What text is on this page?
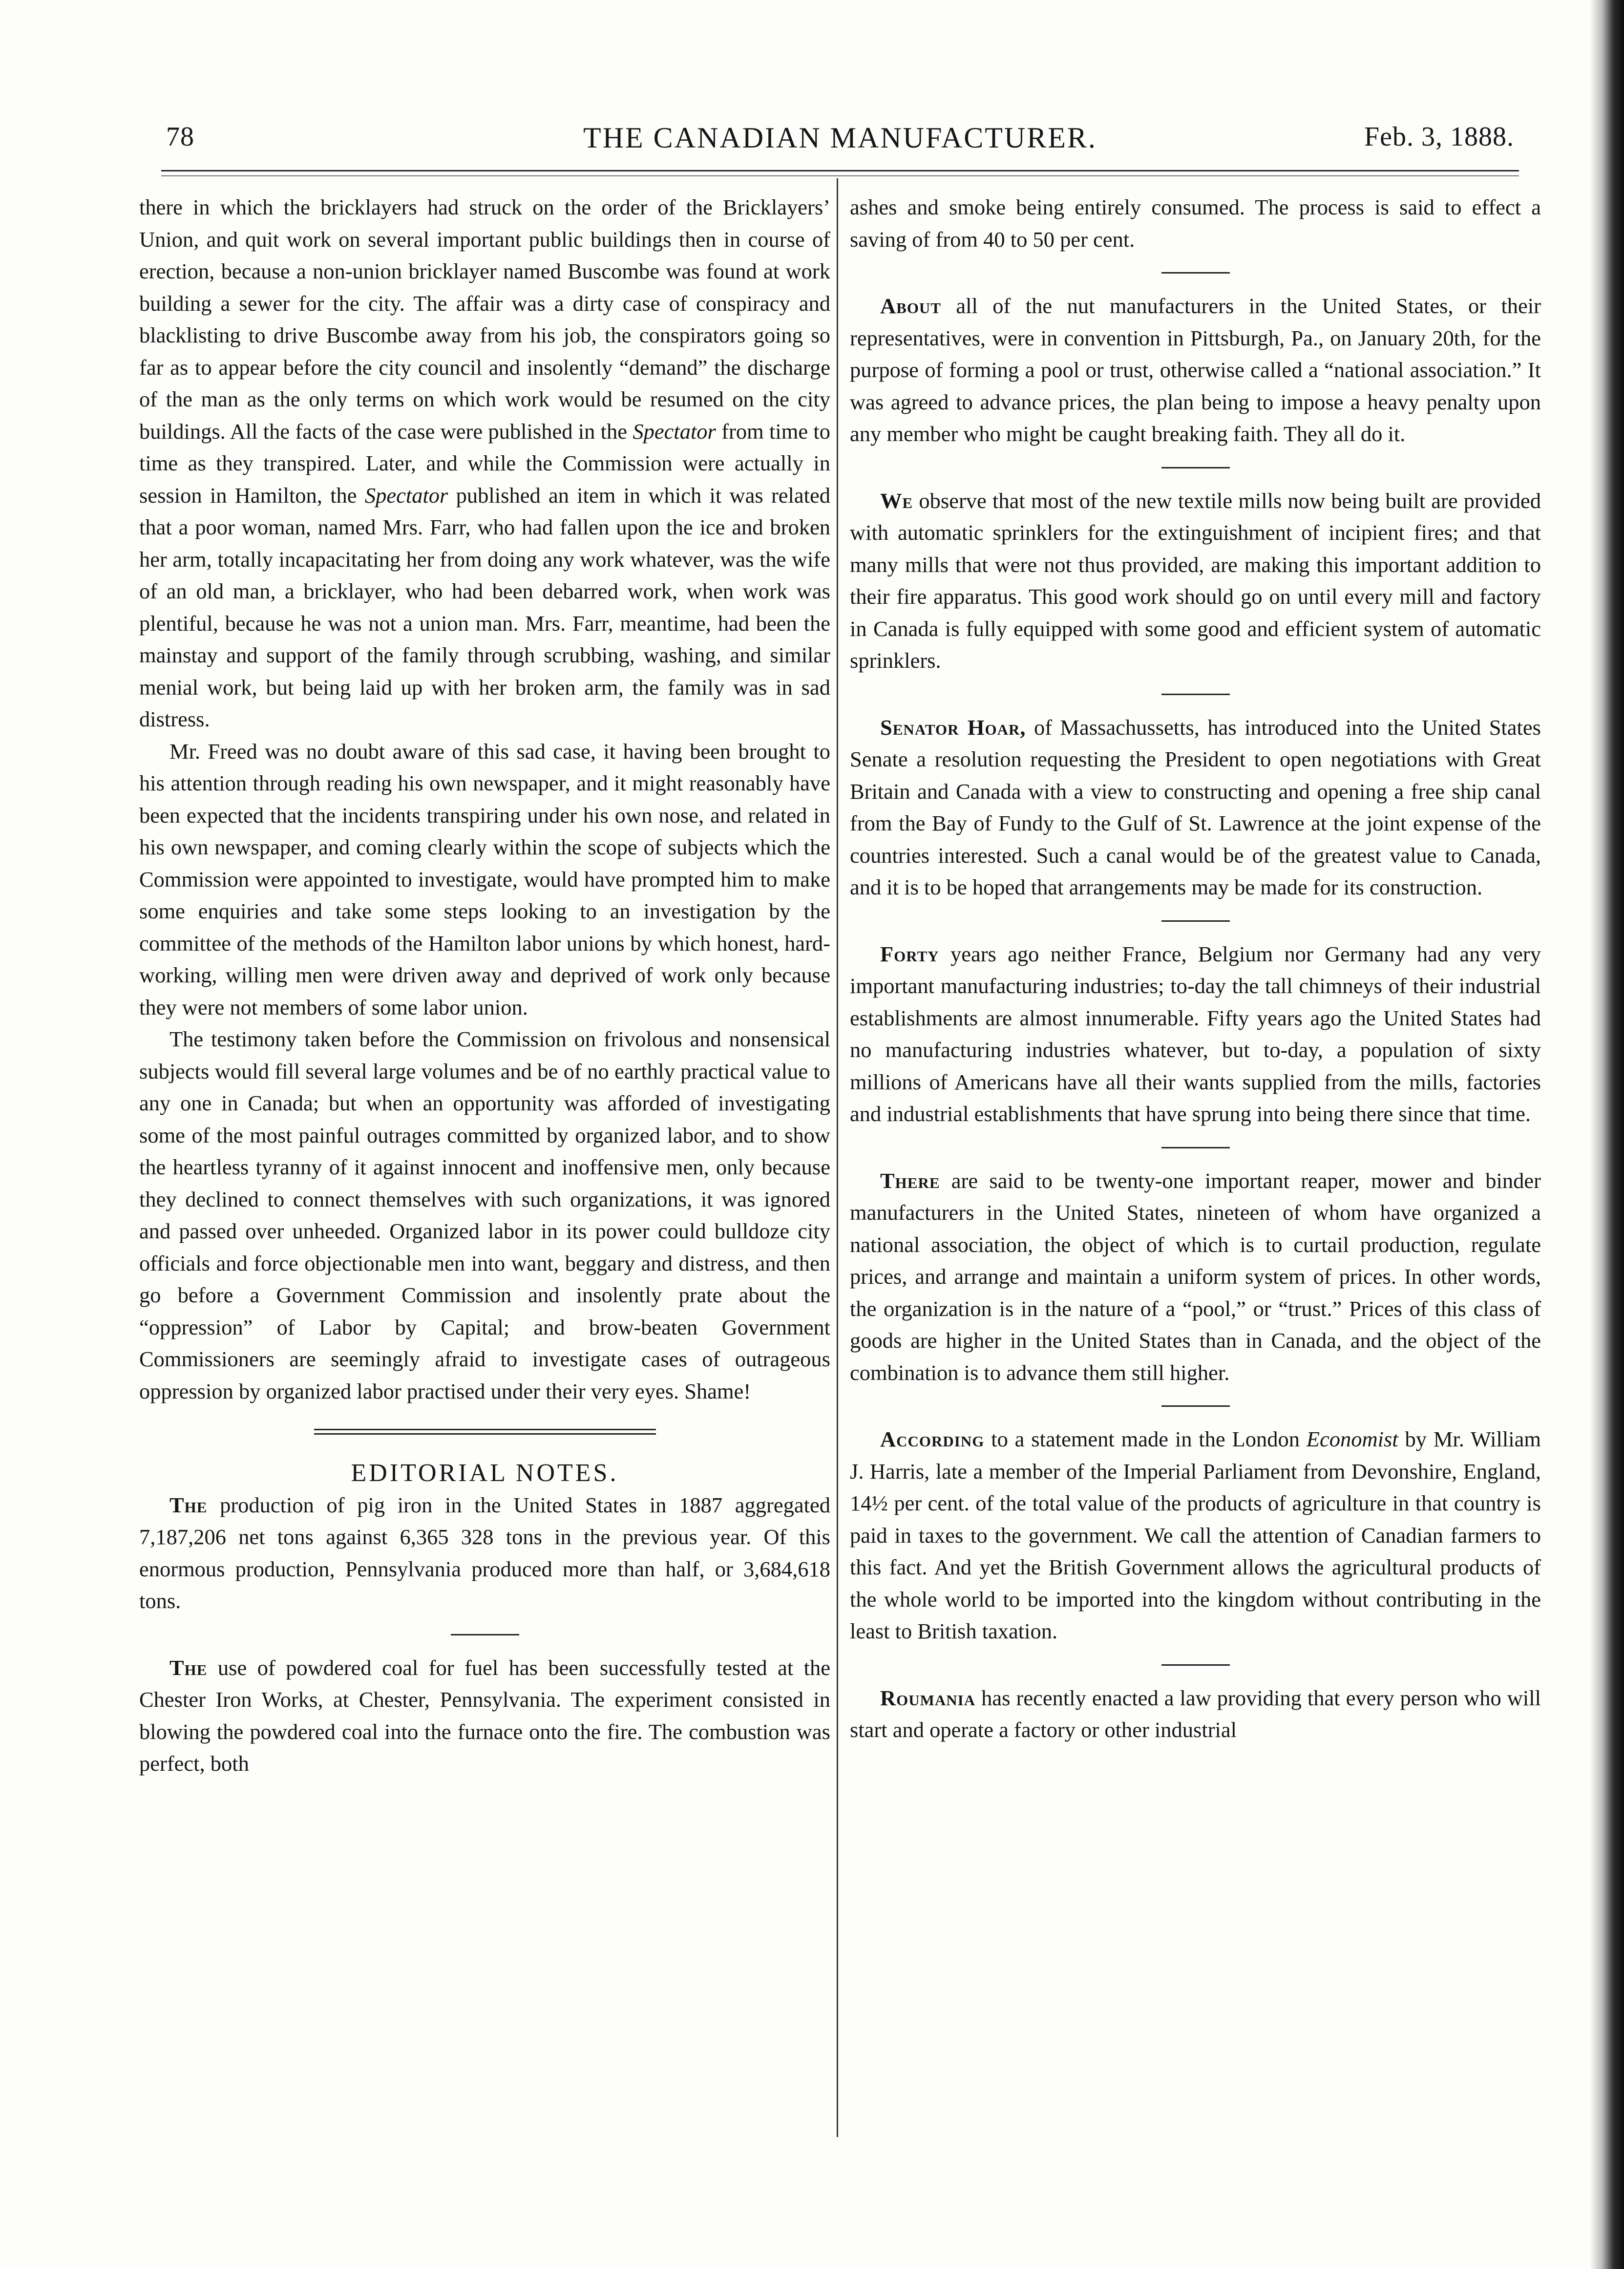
78	THE CANADIAN MANUFACTURER.	Feb. 3, 1888.

there in which the bricklayers had struck on the order of the Bricklayers’ Union, and quit work on several important public buildings then in course of erection, because a non-union bricklayer named Buscombe was found at work building a sewer for the city. The affair was a dirty case of conspiracy and blacklisting to drive Buscombe away from his job, the conspirators going so far as to appear before the city council and insolently “demand” the discharge of the man as the only terms on which work would be resumed on the city buildings. All the facts of the case were published in the Spectator from time to time as they transpired. Later, and while the Commission were actually in session in Hamilton, the Spectator published an item in which it was related that a poor woman, named Mrs. Farr, who had fallen upon the ice and broken her arm, totally incapacitating her from doing any work whatever, was the wife of an old man, a bricklayer, who had been debarred work, when work was plentiful, because he was not a union man. Mrs. Farr, meantime, had been the mainstay and support of the family through scrubbing, washing, and similar menial work, but being laid up with her broken arm, the family was in sad distress.

Mr. Freed was no doubt aware of this sad case, it having been brought to his attention through reading his own newspaper, and it might reasonably have been expected that the incidents transpiring under his own nose, and related in his own newspaper, and coming clearly within the scope of subjects which the Commission were appointed to investigate, would have prompted him to make some enquiries and take some steps looking to an investigation by the committee of the methods of the Hamilton labor unions by which honest, hard-working, willing men were driven away and deprived of work only because they were not members of some labor union.

The testimony taken before the Commission on frivolous and nonsensical subjects would fill several large volumes and be of no earthly practical value to any one in Canada; but when an opportunity was afforded of investigating some of the most painful outrages committed by organized labor, and to show the heartless tyranny of it against innocent and inoffensive men, only because they declined to connect themselves with such organizations, it was ignored and passed over unheeded. Organized labor in its power could bulldoze city officials and force objectionable men into want, beggary and distress, and then go before a Government Commission and insolently prate about the “oppression” of Labor by Capital; and brow-beaten Government Commissioners are seemingly afraid to investigate cases of outrageous oppression by organized labor practised under their very eyes. Shame!

EDITORIAL NOTES.

The production of pig iron in the United States in 1887 aggregated 7,187,206 net tons against 6,365 328 tons in the previous year. Of this enormous production, Pennsylvania produced more than half, or 3,684,618 tons.

The use of powdered coal for fuel has been successfully tested at the Chester Iron Works, at Chester, Pennsylvania. The experiment consisted in blowing the powdered coal into the furnace onto the fire. The combustion was perfect, both

ashes and smoke being entirely consumed. The process is said to effect a saving of from 40 to 50 per cent.

About all of the nut manufacturers in the United States, or their representatives, were in convention in Pittsburgh, Pa., on January 20th, for the purpose of forming a pool or trust, otherwise called a “national association.” It was agreed to advance prices, the plan being to impose a heavy penalty upon any member who might be caught breaking faith. They all do it.

We observe that most of the new textile mills now being built are provided with automatic sprinklers for the extinguishment of incipient fires; and that many mills that were not thus provided, are making this important addition to their fire apparatus. This good work should go on until every mill and factory in Canada is fully equipped with some good and efficient system of automatic sprinklers.

Senator Hoar, of Massachussetts, has introduced into the United States Senate a resolution requesting the President to open negotiations with Great Britain and Canada with a view to constructing and opening a free ship canal from the Bay of Fundy to the Gulf of St. Lawrence at the joint expense of the countries interested. Such a canal would be of the greatest value to Canada, and it is to be hoped that arrangements may be made for its construction.

Forty years ago neither France, Belgium nor Germany had any very important manufacturing industries; to-day the tall chimneys of their industrial establishments are almost innumerable. Fifty years ago the United States had no manufacturing industries whatever, but to-day, a population of sixty millions of Americans have all their wants supplied from the mills, factories and industrial establishments that have sprung into being there since that time.

There are said to be twenty-one important reaper, mower and binder manufacturers in the United States, nineteen of whom have organized a national association, the object of which is to curtail production, regulate prices, and arrange and maintain a uniform system of prices. In other words, the organization is in the nature of a “pool,” or “trust.” Prices of this class of goods are higher in the United States than in Canada, and the object of the combination is to advance them still higher.

According to a statement made in the London Economist by Mr. William J. Harris, late a member of the Imperial Parliament from Devonshire, England, 14½ per cent. of the total value of the products of agriculture in that country is paid in taxes to the government. We call the attention of Canadian farmers to this fact. And yet the British Government allows the agricultural products of the whole world to be imported into the kingdom without contributing in the least to British taxation.

Roumania has recently enacted a law providing that every person who will start and operate a factory or other industrial
